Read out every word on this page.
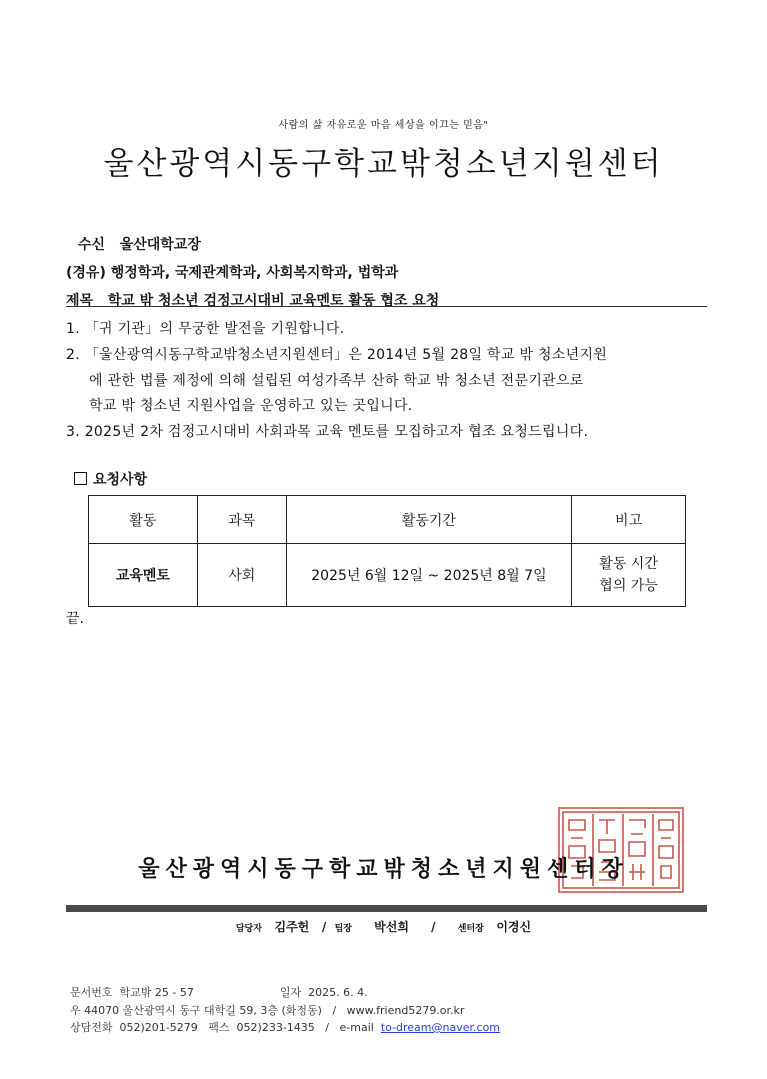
사람의 삶 자유로운 마음 세상을 이끄는 믿음"
울산광역시동구학교밖청소년지원센터
수신 울산대학교장
(경유) 행정학과, 국제관계학과, 사회복지학과, 법학과
제목 학교 밖 청소년 검정고시대비 교육멘토 활동 협조 요청
1. 「귀 기관」의 무궁한 발전을 기원합니다.
2. 「울산광역시동구학교밖청소년지원센터」은 2014년 5월 28일 학교 밖 청소년지원
에 관한 법률 제정에 의해 설립된 여성가족부 산하 학교 밖 청소년 전문기관으로
학교 밖 청소년 지원사업을 운영하고 있는 곳입니다.
3. 2025년 2차 검정고시대비 사회과목 교육 멘토를 모집하고자 협조 요청드립니다.
요청사항
활동	과목	활동기간	비고
교육멘토	사회	2025년 6월 12일 ~ 2025년 8월 7일	활동 시간
협의 가능
끝.
울산광역시동구학교밖청소년지원센터장
담당자 김주헌 / 팀장 박선희 / 센터장 이경신
문서번호 학교밖 25 - 57	일자 2025. 6. 4.
우 44070 울산광역시 동구 대학길 59, 3층 (화정동) / www.friend5279.or.kr
상담전화 052)201-5279 팩스 052)233-1435 / e-mail to-dream@naver.com
